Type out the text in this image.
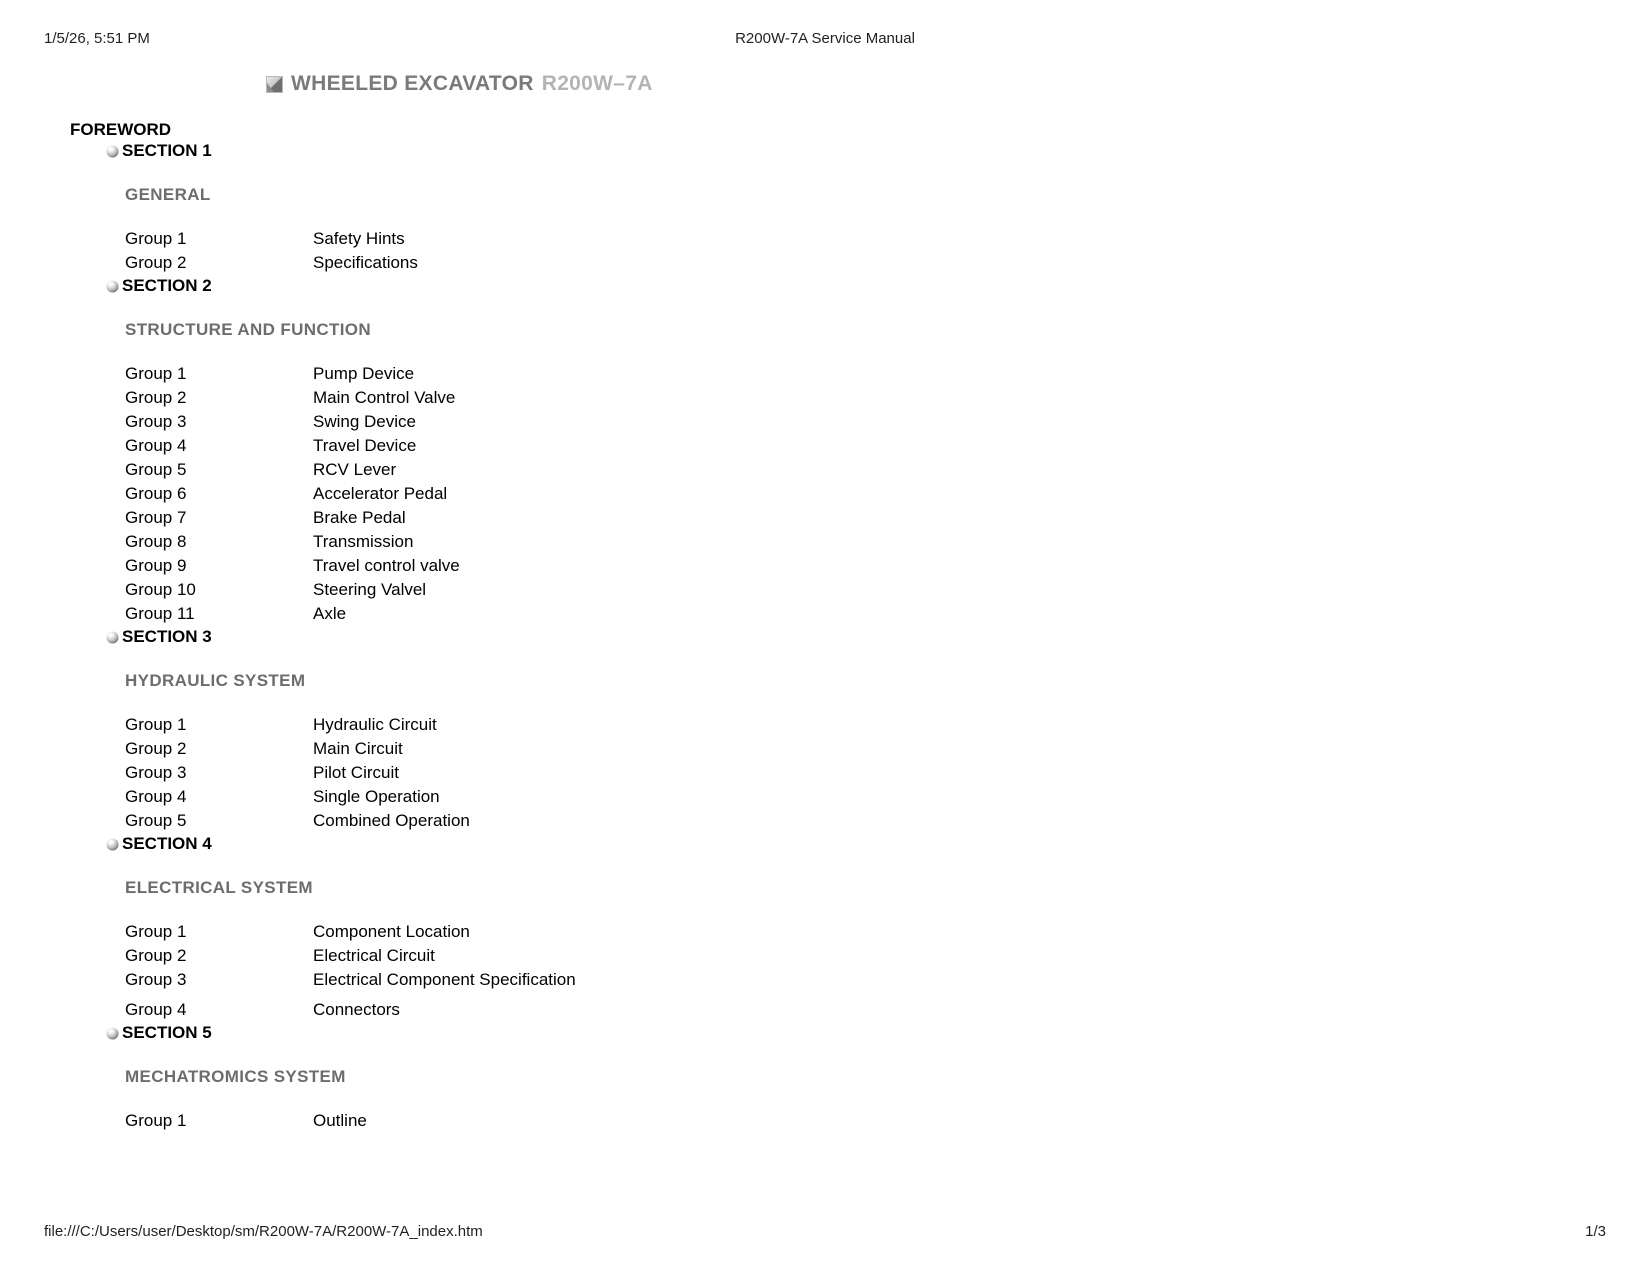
1/5/26, 5:51 PM	R200W-7A Service Manual
WHEELED EXCAVATOR R200W–7A
FOREWORD
SECTION 1
GENERAL
Group 1	Safety Hints
Group 2	Specifications
SECTION 2
STRUCTURE AND FUNCTION
Group 1	Pump Device
Group 2	Main Control Valve
Group 3	Swing Device
Group 4	Travel Device
Group 5	RCV Lever
Group 6	Accelerator Pedal
Group 7	Brake Pedal
Group 8	Transmission
Group 9	Travel control valve
Group 10	Steering Valvel
Group 11	Axle
SECTION 3
HYDRAULIC SYSTEM
Group 1	Hydraulic Circuit
Group 2	Main Circuit
Group 3	Pilot Circuit
Group 4	Single Operation
Group 5	Combined Operation
SECTION 4
ELECTRICAL SYSTEM
Group 1	Component Location
Group 2	Electrical Circuit
Group 3	Electrical Component Specification
Group 4	Connectors
SECTION 5
MECHATROMICS SYSTEM
Group 1	Outline
file:///C:/Users/user/Desktop/sm/R200W-7A/R200W-7A_index.htm	1/3
